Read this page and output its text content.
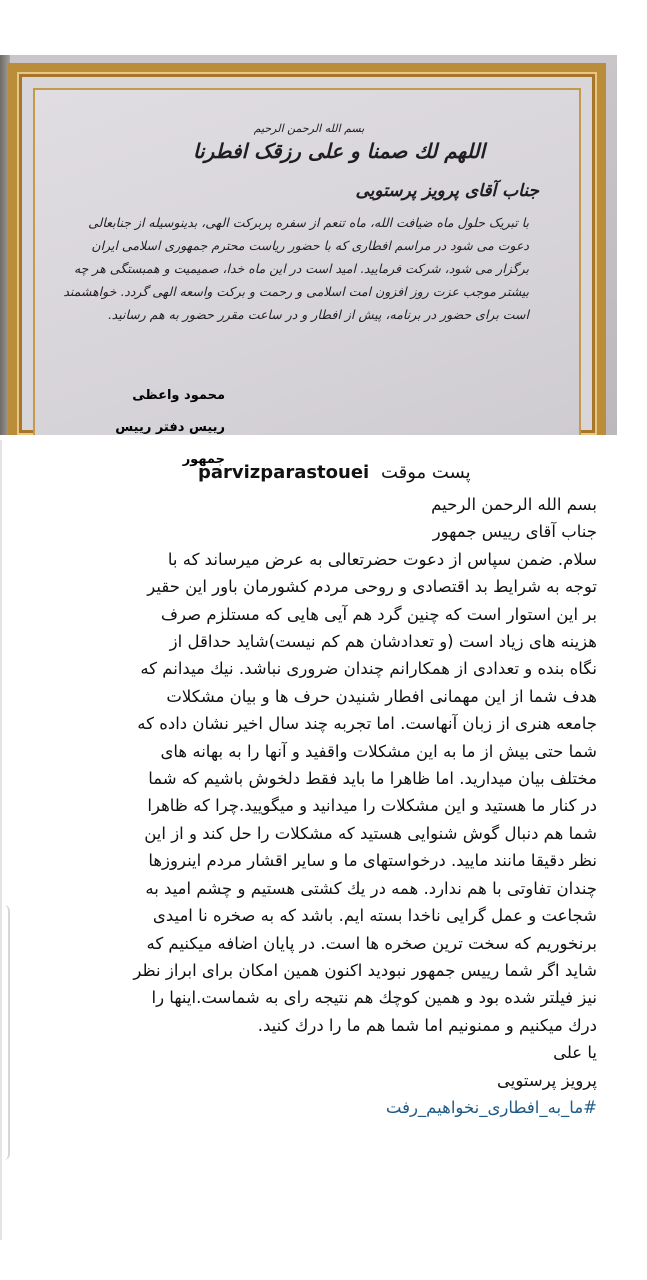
بسم الله الرحمن الرحيم
اللهم لك صمنا و علی رزقک افطرنا
جناب آقای پرویز پرستویی
با تبریک حلول ماه ضیافت الله، ماه تنعم از سفره پربرکت الهی، بدینوسیله از جنابعالی دعوت می شود در مراسم افطاری که با حضور ریاست محترم جمهوری اسلامی ایران برگزار می شود، شرکت فرمایید. امید است در این ماه خدا، صمیمیت و همبستگی هر چه بیشتر موجب عزت روز افزون امت اسلامی و رحمت و برکت واسعه الهی گردد. خواهشمند است برای حضور در برنامه، پیش از افطار و در ساعت مقرر حضور به هم رسانید.
محمود واعظی
رییس دفتر رییس جمهور
parvizparastouei پست موقت
بسم الله الرحمن الرحیم
جناب آقای رییس جمهور
سلام. ضمن سپاس از دعوت حضرتعالی به عرض میرساند که با
توجه به شرایط بد اقتصادی و روحی مردم کشورمان باور این حقیر
بر این استوار است که چنین گرد هم آیی هایی که مستلزم صرف
هزینه های زیاد است (و تعدادشان هم کم نیست)شاید حداقل از
نگاه بنده و تعدادی از همکارانم چندان ضروری نباشد. نیك میدانم که
هدف شما از این مهمانی افطار شنیدن حرف ها و بیان مشکلات
جامعه هنری از زبان آنهاست. اما تجربه چند سال اخیر نشان داده که
شما حتی بیش از ما به این مشکلات واقفید و آنها را به بهانه های
مختلف بیان میدارید. اما ظاهرا ما باید فقط دلخوش باشیم که شما
در کنار ما هستید و این مشکلات را میدانید و میگویید.چرا که ظاهرا
شما هم دنبال گوش شنوایی هستید که مشکلات را حل کند و از این
نظر دقیقا مانند ماييد. درخواستهای ما و سایر اقشار مردم اینروزها
چندان تفاوتی با هم ندارد. همه در یك کشتی هستیم و چشم امید به
شجاعت و عمل گرایی ناخدا بسته ایم. باشد که به صخره نا امیدی
برنخوریم که سخت ترین صخره ها است. در پایان اضافه میکنیم که
شاید اگر شما رییس جمهور نبودید اکنون همین امکان برای ابراز نظر
نیز فیلتر شده بود و همین کوچك هم نتیجه رای به شماست.اینها را
درك میکنیم و ممنونیم اما شما هم ما را درك کنید.
یا علی
پرویز پرستویی
#ما_به_افطاری_نخواهیم_رفت
